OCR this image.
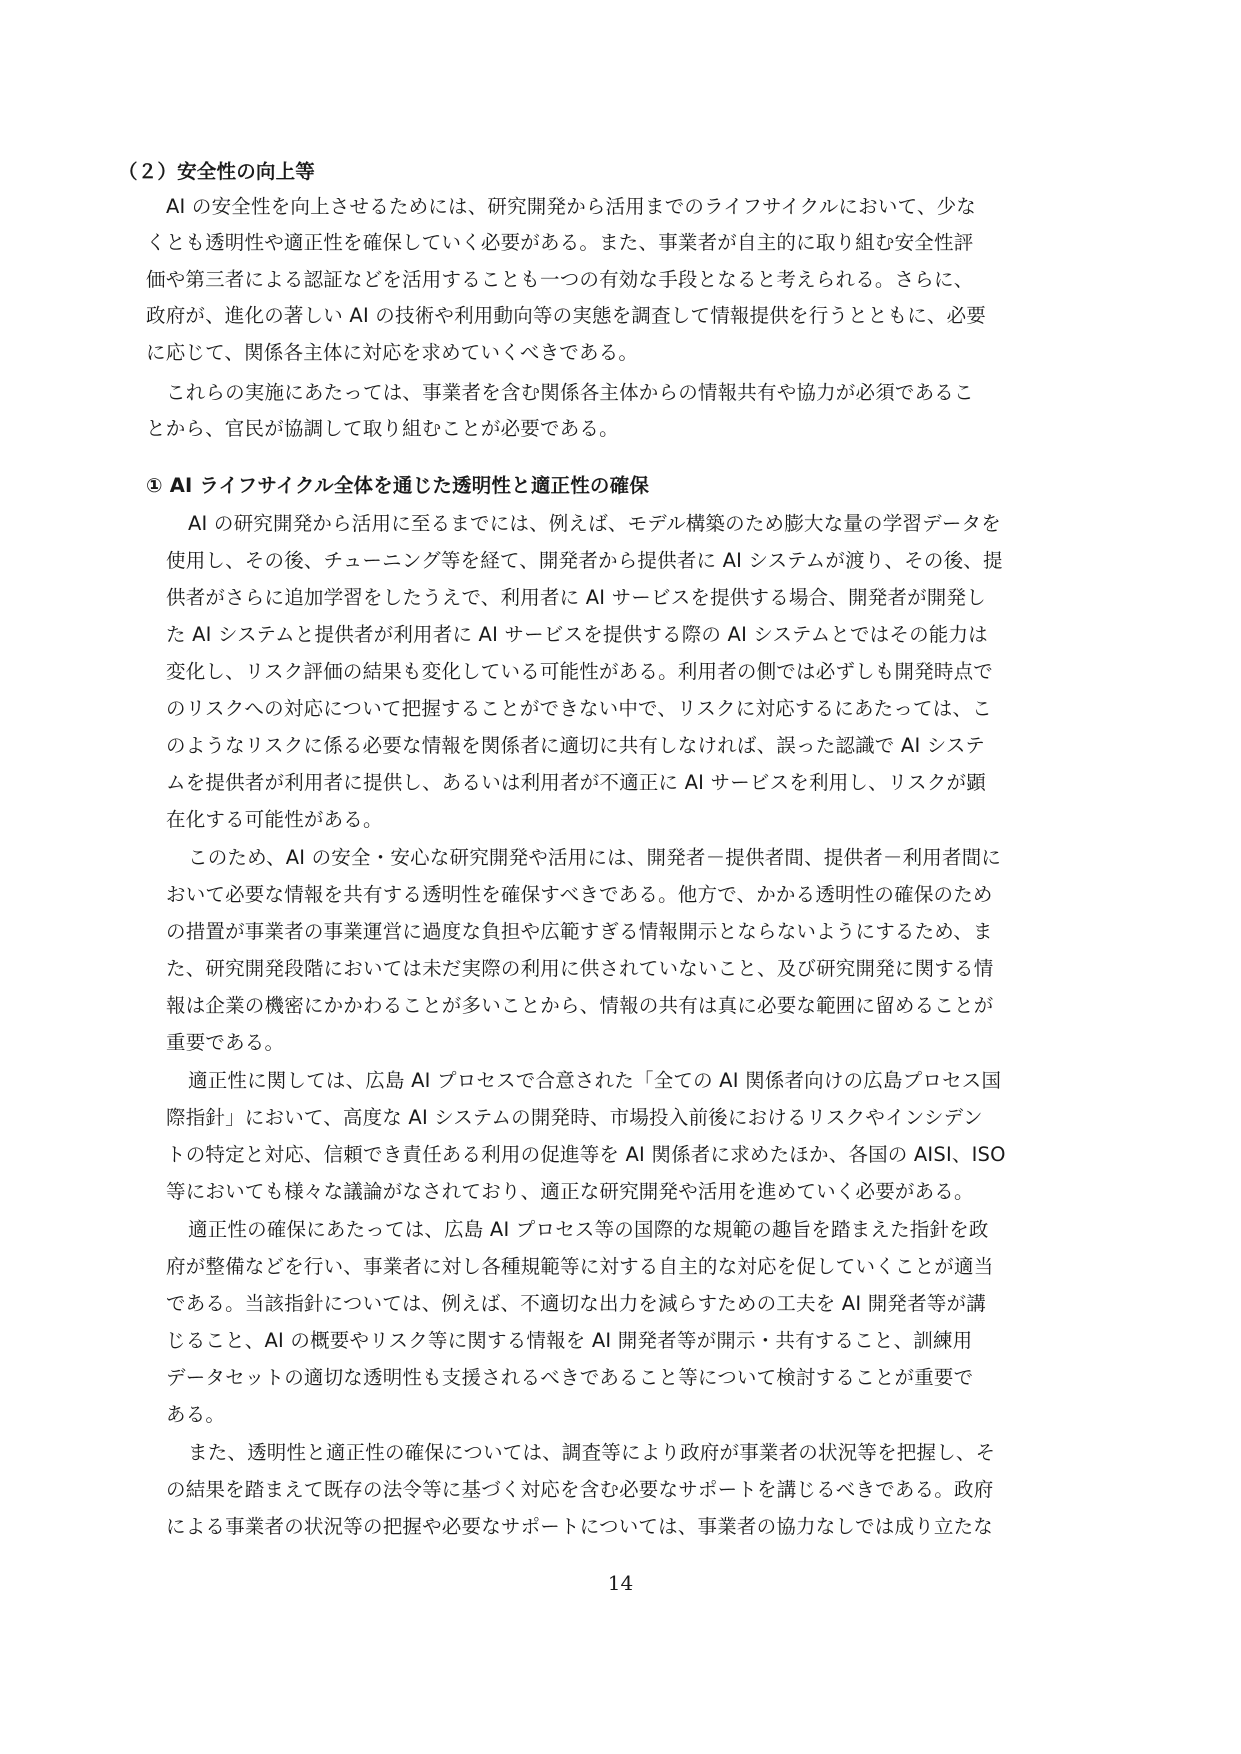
（２）安全性の向上等
AI の安全性を向上させるためには、研究開発から活用までのライフサイクルにおいて、少な
くとも透明性や適正性を確保していく必要がある。また、事業者が自主的に取り組む安全性評
価や第三者による認証などを活用することも一つの有効な手段となると考えられる。さらに、
政府が、進化の著しい AI の技術や利用動向等の実態を調査して情報提供を行うとともに、必要
に応じて、関係各主体に対応を求めていくべきである。
これらの実施にあたっては、事業者を含む関係各主体からの情報共有や協力が必須であるこ
とから、官民が協調して取り組むことが必要である。
① AI ライフサイクル全体を通じた透明性と適正性の確保
AI の研究開発から活用に至るまでには、例えば、モデル構築のため膨大な量の学習データを
使用し、その後、チューニング等を経て、開発者から提供者に AI システムが渡り、その後、提
供者がさらに追加学習をしたうえで、利用者に AI サービスを提供する場合、開発者が開発し
た AI システムと提供者が利用者に AI サービスを提供する際の AI システムとではその能力は
変化し、リスク評価の結果も変化している可能性がある。利用者の側では必ずしも開発時点で
のリスクへの対応について把握することができない中で、リスクに対応するにあたっては、こ
のようなリスクに係る必要な情報を関係者に適切に共有しなければ、誤った認識で AI システ
ムを提供者が利用者に提供し、あるいは利用者が不適正に AI サービスを利用し、リスクが顕
在化する可能性がある。
このため、AI の安全・安心な研究開発や活用には、開発者－提供者間、提供者－利用者間に
おいて必要な情報を共有する透明性を確保すべきである。他方で、かかる透明性の確保のため
の措置が事業者の事業運営に過度な負担や広範すぎる情報開示とならないようにするため、ま
た、研究開発段階においては未だ実際の利用に供されていないこと、及び研究開発に関する情
報は企業の機密にかかわることが多いことから、情報の共有は真に必要な範囲に留めることが
重要である。
適正性に関しては、広島 AI プロセスで合意された「全ての AI 関係者向けの広島プロセス国
際指針」において、高度な AI システムの開発時、市場投入前後におけるリスクやインシデン
トの特定と対応、信頼でき責任ある利用の促進等を AI 関係者に求めたほか、各国の AISI、ISO
等においても様々な議論がなされており、適正な研究開発や活用を進めていく必要がある。
適正性の確保にあたっては、広島 AI プロセス等の国際的な規範の趣旨を踏まえた指針を政
府が整備などを行い、事業者に対し各種規範等に対する自主的な対応を促していくことが適当
である。当該指針については、例えば、不適切な出力を減らすための工夫を AI 開発者等が講
じること、AI の概要やリスク等に関する情報を AI 開発者等が開示・共有すること、訓練用
データセットの適切な透明性も支援されるべきであること等について検討することが重要で
ある。
また、透明性と適正性の確保については、調査等により政府が事業者の状況等を把握し、そ
の結果を踏まえて既存の法令等に基づく対応を含む必要なサポートを講じるべきである。政府
による事業者の状況等の把握や必要なサポートについては、事業者の協力なしでは成り立たな
14
